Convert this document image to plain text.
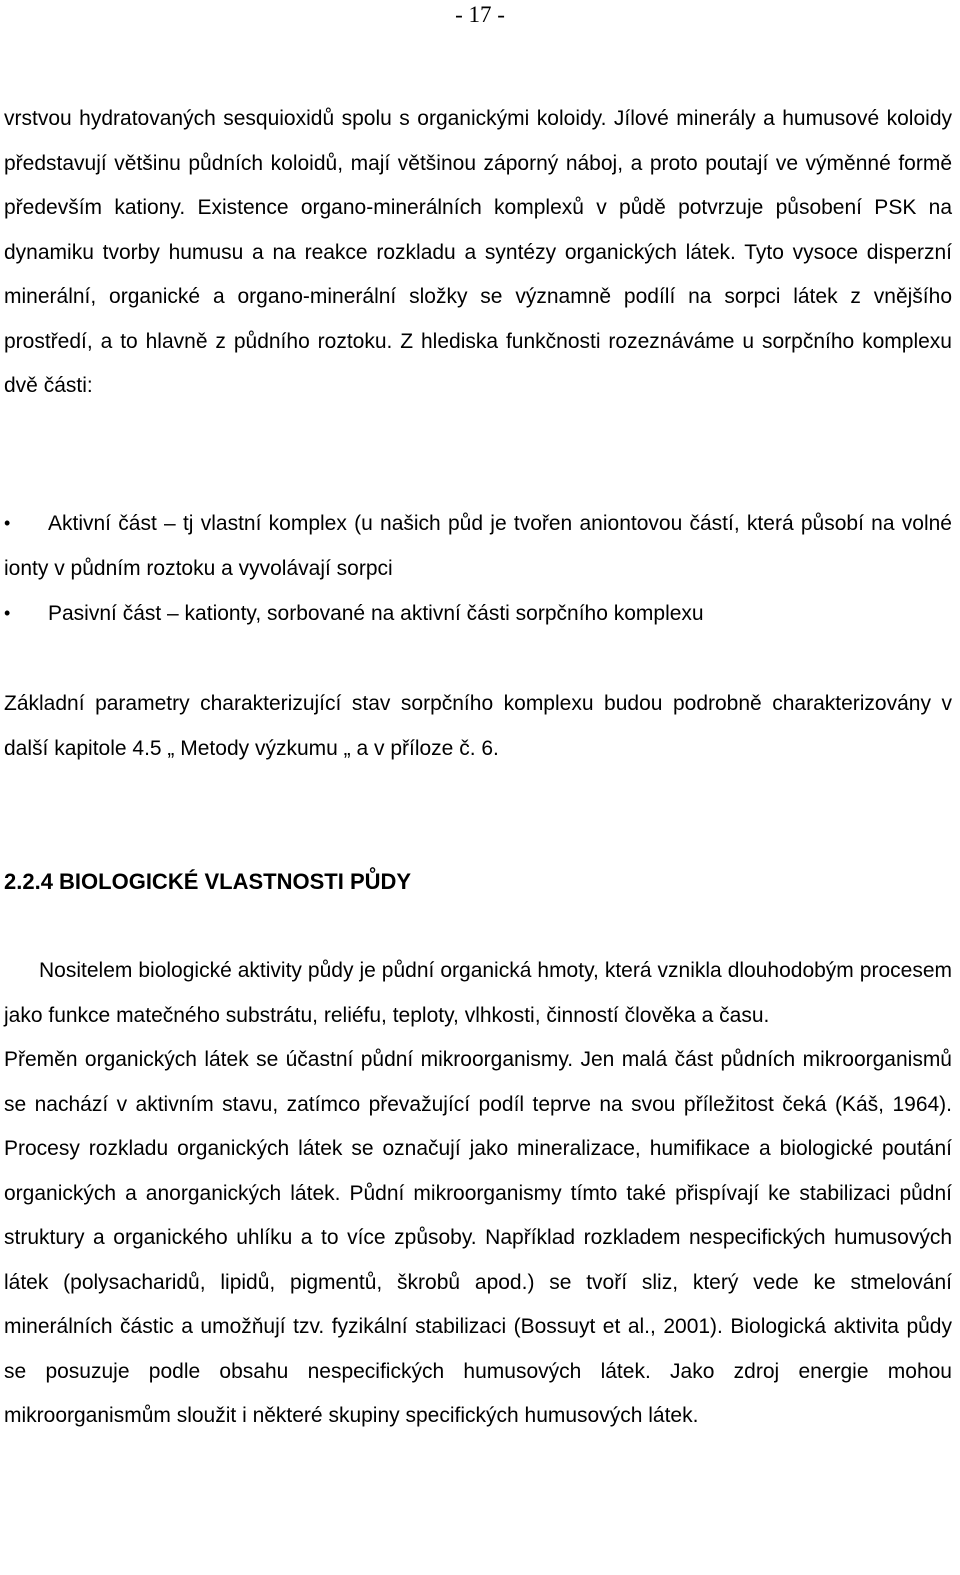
- 17 -

vrstvou hydratovaných sesquioxidů spolu s organickými koloidy. Jílové minerály a humusové koloidy představují většinu půdních koloidů, mají většinou záporný náboj, a proto poutají ve výměnné formě především kationy. Existence organo-minerálních komplexů v půdě potvrzuje působení PSK na dynamiku tvorby humusu a na reakce rozkladu a syntézy organických látek. Tyto vysoce disperzní minerální, organické a organo-minerální složky se významně podílí na sorpci látek z vnějšího prostředí, a to hlavně z půdního roztoku. Z hlediska funkčnosti rozeznáváme u sorpčního komplexu dvě části:

• Aktivní část – tj vlastní komplex (u našich půd je tvořen aniontovou částí, která působí na volné ionty v půdním roztoku a vyvolávají sorpci

• Pasivní část – kationty, sorbované na aktivní části sorpčního komplexu

Základní parametry charakterizující stav sorpčního komplexu budou podrobně charakterizovány v další kapitole 4.5 „ Metody výzkumu „ a v příloze č. 6.

2.2.4 BIOLOGICKÉ VLASTNOSTI PŮDY

Nositelem biologické aktivity půdy je půdní organická hmoty, která vznikla dlouhodobým procesem jako funkce matečného substrátu, reliéfu, teploty, vlhkosti, činností člověka a času.

Přeměn organických látek se účastní půdní mikroorganismy. Jen malá část půdních mikroorganismů se nachází v aktivním stavu, zatímco převažující podíl teprve na svou příležitost čeká (Káš, 1964). Procesy rozkladu organických látek se označují jako mineralizace, humifikace a biologické poutání organických a anorganických látek. Půdní mikroorganismy tímto také přispívají ke stabilizaci půdní struktury a organického uhlíku a to více způsoby. Například rozkladem nespecifických humusových látek (polysacharidů, lipidů, pigmentů, škrobů apod.) se tvoří sliz, který vede ke stmelování minerálních částic a umožňují tzv. fyzikální stabilizaci (Bossuyt et al., 2001). Biologická aktivita půdy se posuzuje podle obsahu nespecifických humusových látek. Jako zdroj energie mohou mikroorganismům sloužit i některé skupiny specifických humusových látek.
